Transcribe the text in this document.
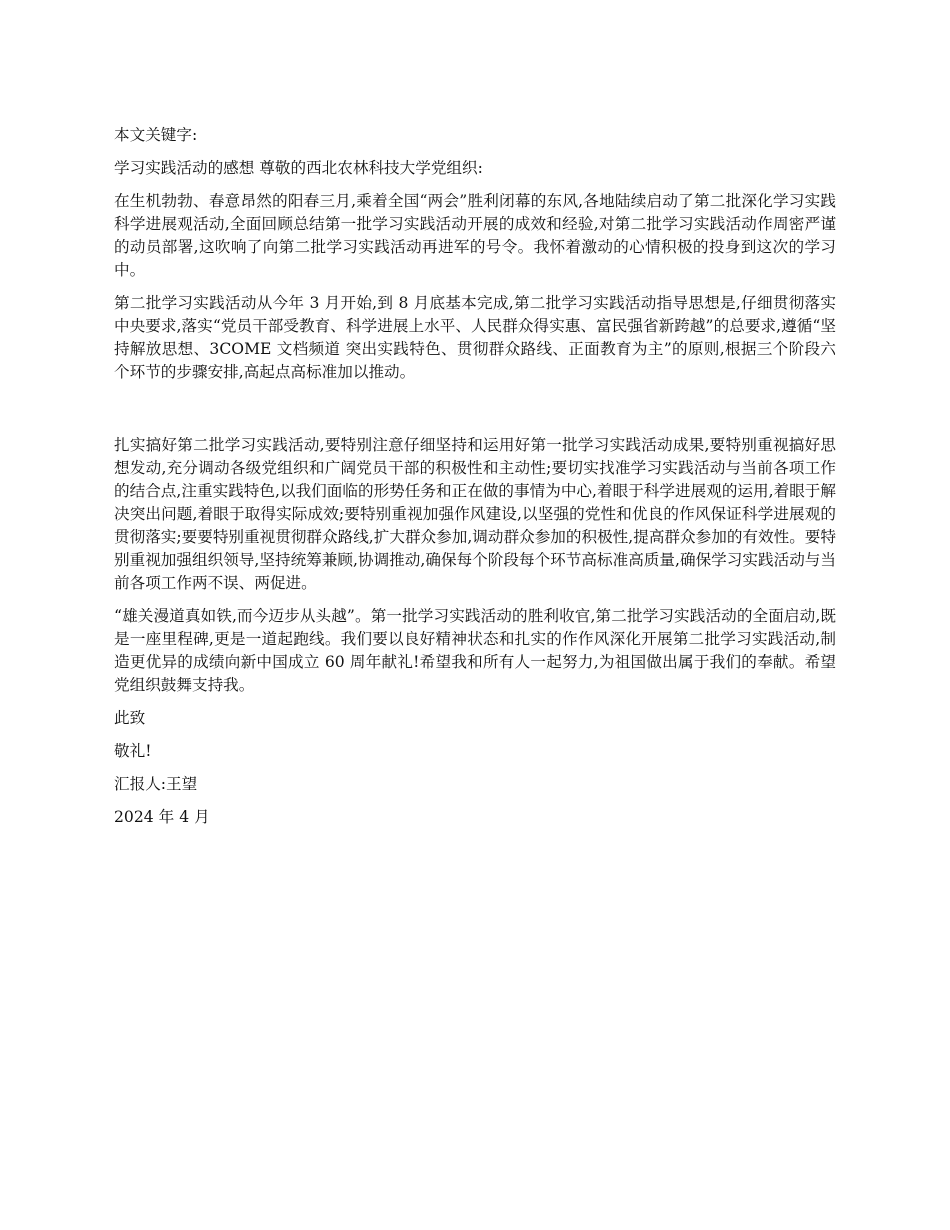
本文关键字:

学习实践活动的感想 尊敬的西北农林科技大学党组织:

在生机勃勃、春意昂然的阳春三月,乘着全国“两会”胜利闭幕的东风,各地陆续启动了第二批深化学习实践科学进展观活动,全面回顾总结第一批学习实践活动开展的成效和经验,对第二批学习实践活动作周密严谨的动员部署,这吹响了向第二批学习实践活动再进军的号令。我怀着激动的心情积极的投身到这次的学习中。

第二批学习实践活动从今年 3 月开始,到 8 月底基本完成,第二批学习实践活动指导思想是,仔细贯彻落实中央要求,落实“党员干部受教育、科学进展上水平、人民群众得实惠、富民强省新跨越”的总要求,遵循“坚持解放思想、3COME 文档频道 突出实践特色、贯彻群众路线、正面教育为主”的原则,根据三个阶段六个环节的步骤安排,高起点高标准加以推动。

扎实搞好第二批学习实践活动,要特别注意仔细坚持和运用好第一批学习实践活动成果,要特别重视搞好思想发动,充分调动各级党组织和广阔党员干部的积极性和主动性;要切实找准学习实践活动与当前各项工作的结合点,注重实践特色,以我们面临的形势任务和正在做的事情为中心,着眼于科学进展观的运用,着眼于解决突出问题,着眼于取得实际成效;要特别重视加强作风建设,以坚强的党性和优良的作风保证科学进展观的贯彻落实;要要特别重视贯彻群众路线,扩大群众参加,调动群众参加的积极性,提高群众参加的有效性。要特别重视加强组织领导,坚持统筹兼顾,协调推动,确保每个阶段每个环节高标准高质量,确保学习实践活动与当前各项工作两不误、两促进。

“雄关漫道真如铁,而今迈步从头越”。第一批学习实践活动的胜利收官,第二批学习实践活动的全面启动,既是一座里程碑,更是一道起跑线。我们要以良好精神状态和扎实的作作风深化开展第二批学习实践活动,制造更优异的成绩向新中国成立 60 周年献礼!希望我和所有人一起努力,为祖国做出属于我们的奉献。希望党组织鼓舞支持我。

此致

敬礼!

汇报人:王望

2024 年 4 月
